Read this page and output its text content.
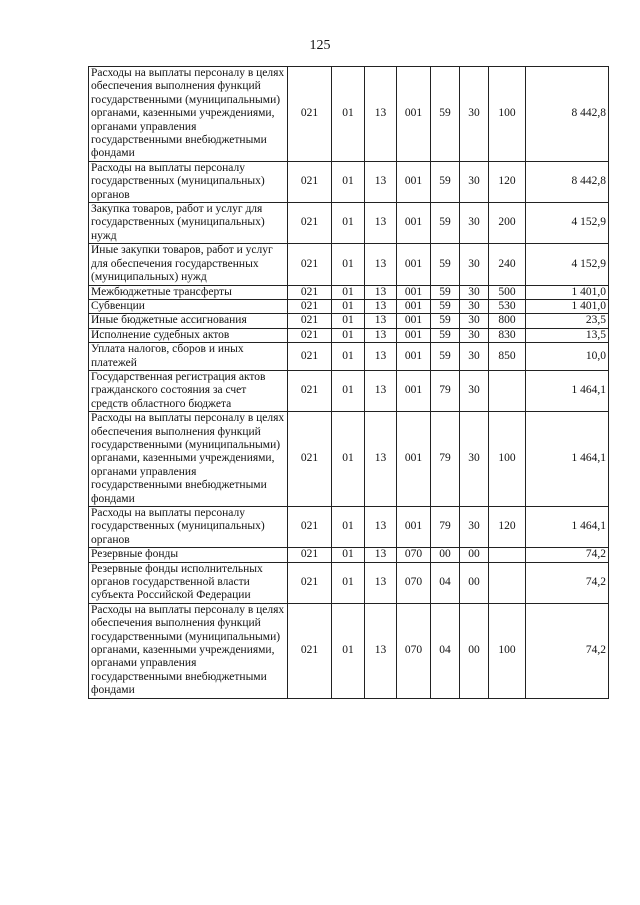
125
Расходы на выплаты персоналу в целях обеспечения выполнения функций государственными (муниципальными) органами, казенными учреждениями, органами управления государственными внебюджетными фондами	021	01	13	001	59	30	100	8 442,8
Расходы на выплаты персоналу государственных (муниципальных) органов	021	01	13	001	59	30	120	8 442,8
Закупка товаров, работ и услуг для государственных (муниципальных) нужд	021	01	13	001	59	30	200	4 152,9
Иные закупки товаров, работ и услуг для обеспечения государственных (муниципальных) нужд	021	01	13	001	59	30	240	4 152,9
Межбюджетные трансферты	021	01	13	001	59	30	500	1 401,0
Субвенции	021	01	13	001	59	30	530	1 401,0
Иные бюджетные ассигнования	021	01	13	001	59	30	800	23,5
Исполнение судебных актов	021	01	13	001	59	30	830	13,5
Уплата налогов, сборов и иных платежей	021	01	13	001	59	30	850	10,0
Государственная регистрация актов гражданского состояния за счет средств областного бюджета	021	01	13	001	79	30		1 464,1
Расходы на выплаты персоналу в целях обеспечения выполнения функций государственными (муниципальными) органами, казенными учреждениями, органами управления государственными внебюджетными фондами	021	01	13	001	79	30	100	1 464,1
Расходы на выплаты персоналу государственных (муниципальных) органов	021	01	13	001	79	30	120	1 464,1
Резервные фонды	021	01	13	070	00	00		74,2
Резервные фонды исполнительных органов государственной власти субъекта Российской Федерации	021	01	13	070	04	00		74,2
Расходы на выплаты персоналу в целях обеспечения выполнения функций государственными (муниципальными) органами, казенными учреждениями, органами управления государственными внебюджетными фондами	021	01	13	070	04	00	100	74,2
